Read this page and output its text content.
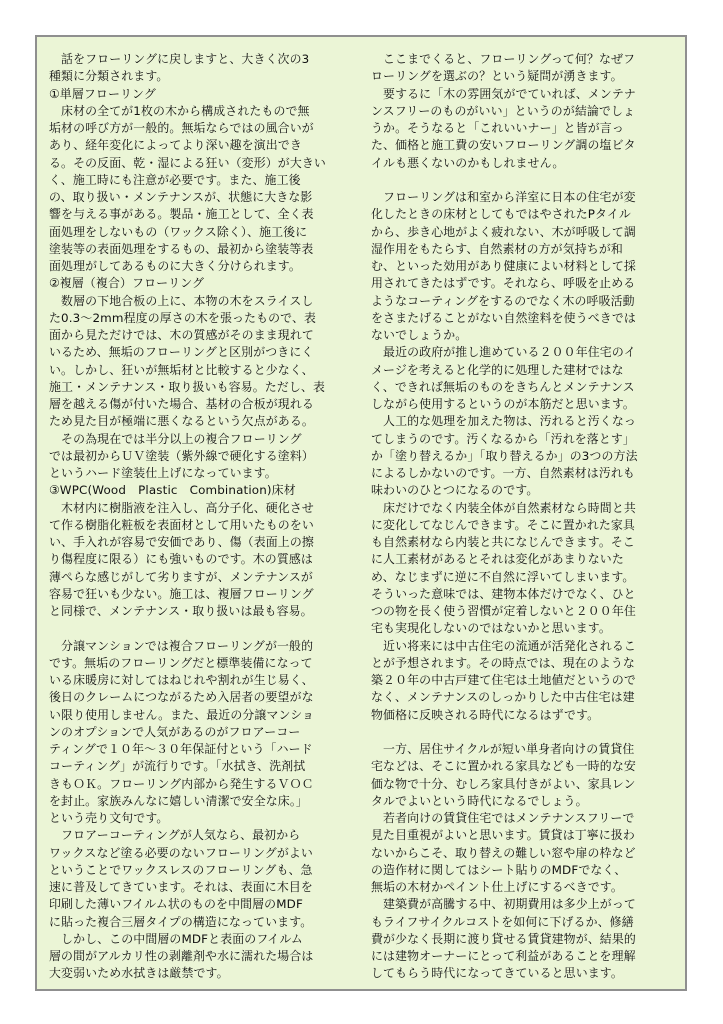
　話をフローリングに戻しますと、大きく次の3

種類に分類されます。

①単層フローリング

　床材の全てが1枚の木から構成されたもので無

垢材の呼び方が一般的。無垢ならではの風合いが

あり、経年変化によってより深い趣を演出でき

る。その反面、乾・湿による狂い（変形）が大きい

く、施工時にも注意が必要です。また、施工後

の、取り扱い・メンテナンスが、状態に大きな影

響を与える事がある。製品・施工として、全く表

面処理をしないもの（ワックス除く）、施工後に

塗装等の表面処理をするもの、最初から塗装等表

面処理がしてあるものに大きく分けられます。

②複層（複合）フローリング

　数層の下地合板の上に、本物の木をスライスし

た0.3～2mm程度の厚さの木を張ったもので、表

面から見ただけでは、木の質感がそのまま現れて

いるため、無垢のフローリングと区別がつきにく

い。しかし、狂いが無垢材と比較すると少なく、

施工・メンテナンス・取り扱いも容易。ただし、表

層を越える傷が付いた場合、基材の合板が現れる

ため見た目が極端に悪くなるという欠点がある。

　その為現在では半分以上の複合フローリング

では最初からＵＶ塗装（紫外線で硬化する塗料）

というハード塗装仕上げになっています。

③WPC(Wood　Plastic　Combination)床材

　木材内に樹脂液を注入し、高分子化、硬化させ

て作る樹脂化粧板を表面材として用いたものをい

い、手入れが容易で安価であり、傷（表面上の擦

り傷程度に限る）にも強いものです。木の質感は

薄ぺらな感じがして劣りますが、メンテナンスが

容易で狂いも少ない。施工は、複層フローリング

と同様で、メンテナンス・取り扱いは最も容易。

　分譲マンションでは複合フローリングが一般的

です。無垢のフローリングだと標準装備になって

いる床暖房に対してはねじれや割れが生じ易く、

後日のクレームにつながるため入居者の要望がな

い限り使用しません。また、最近の分譲マンショ

ンのオプションで人気があるのがフロアーコー

ティングで１０年～３０年保証付という「ハード

コーティング」が流行りです。「水拭き、洗剤拭

きもＯＫ。フローリング内部から発生するＶＯＣ

を封止。家族みんなに嬉しい清潔で安全な床。」

という売り文句です。

　フロアーコーティングが人気なら、最初から

ワックスなど塗る必要のないフローリングがよい

ということでワックスレスのフローリングも、急

速に普及してきています。それは、表面に木目を

印刷した薄いフイルム状のものを中間層のMDF

に貼った複合三層タイプの構造になっています。

　しかし、この中間層のMDFと表面のフイルム

層の間がアルカリ性の剥離剤や水に濡れた場合は

大変弱いため水拭きは厳禁です。

　ここまでくると、フローリングって何？なぜフ

ローリングを選ぶの？という疑問が湧きます。

　要するに「木の雰囲気がでていれば、メンテナ

ンスフリーのものがいい」というのが結論でしょ

うか。そうなると「これいいナー」と皆が言っ

た、価格と施工費の安いフローリング調の塩ビタ

イルも悪くないのかもしれません。

　フローリングは和室から洋室に日本の住宅が変

化したときの床材としてもではやされたPタイル

から、歩き心地がよく疲れない、木が呼吸して調

湿作用をもたらす、自然素材の方が気持ちが和

む、といった効用があり健康によい材料として採

用されてきたはずです。それなら、呼吸を止める

ようなコーティングをするのでなく木の呼吸活動

をさまたげることがない自然塗料を使うべきでは

ないでしょうか。

　最近の政府が推し進めている２００年住宅のイ

メージを考えると化学的に処理した建材ではな

く、できれば無垢のものをきちんとメンテナンス

しながら使用するというのが本筋だと思います。

　人工的な処理を加えた物は、汚れると汚くなっ

てしまうのです。汚くなるから「汚れを落とす」

か「塗り替えるか」「取り替えるか」の3つの方法

によるしかないのです。一方、自然素材は汚れも

味わいのひとつになるのです。

　床だけでなく内装全体が自然素材なら時間と共

に変化してなじんできます。そこに置かれた家具

も自然素材なら内装と共になじんできます。そこ

に人工素材があるとそれは変化があまりないた

め、なじまずに逆に不自然に浮いてしまいます。

そういった意味では、建物本体だけでなく、ひと

つの物を長く使う習慣が定着しないと２００年住

宅も実現化しないのではないかと思います。

　近い将来には中古住宅の流通が活発化されるこ

とが予想されます。その時点では、現在のような

築２０年の中古戸建て住宅は土地値だというので

なく、メンテナンスのしっかりした中古住宅は建

物価格に反映される時代になるはずです。

　一方、居住サイクルが短い単身者向けの賃貸住

宅などは、そこに置かれる家具なども一時的な安

価な物で十分、むしろ家具付きがよい、家具レン

タルでよいという時代になるでしょう。

　若者向けの賃貸住宅ではメンテナンスフリーで

見た目重視がよいと思います。賃貸は丁寧に扱わ

ないからこそ、取り替えの難しい窓や扉の枠など

の造作材に関してはシート貼りのMDFでなく、

無垢の木材かペイント仕上げにするべきです。

　建築費が高騰する中、初期費用は多少上がって

もライフサイクルコストを如何に下げるか、修繕

費が少なく長期に渡り貸せる賃貸建物が、結果的

には建物オーナーにとって利益があることを理解

してもらう時代になってきていると思います。
